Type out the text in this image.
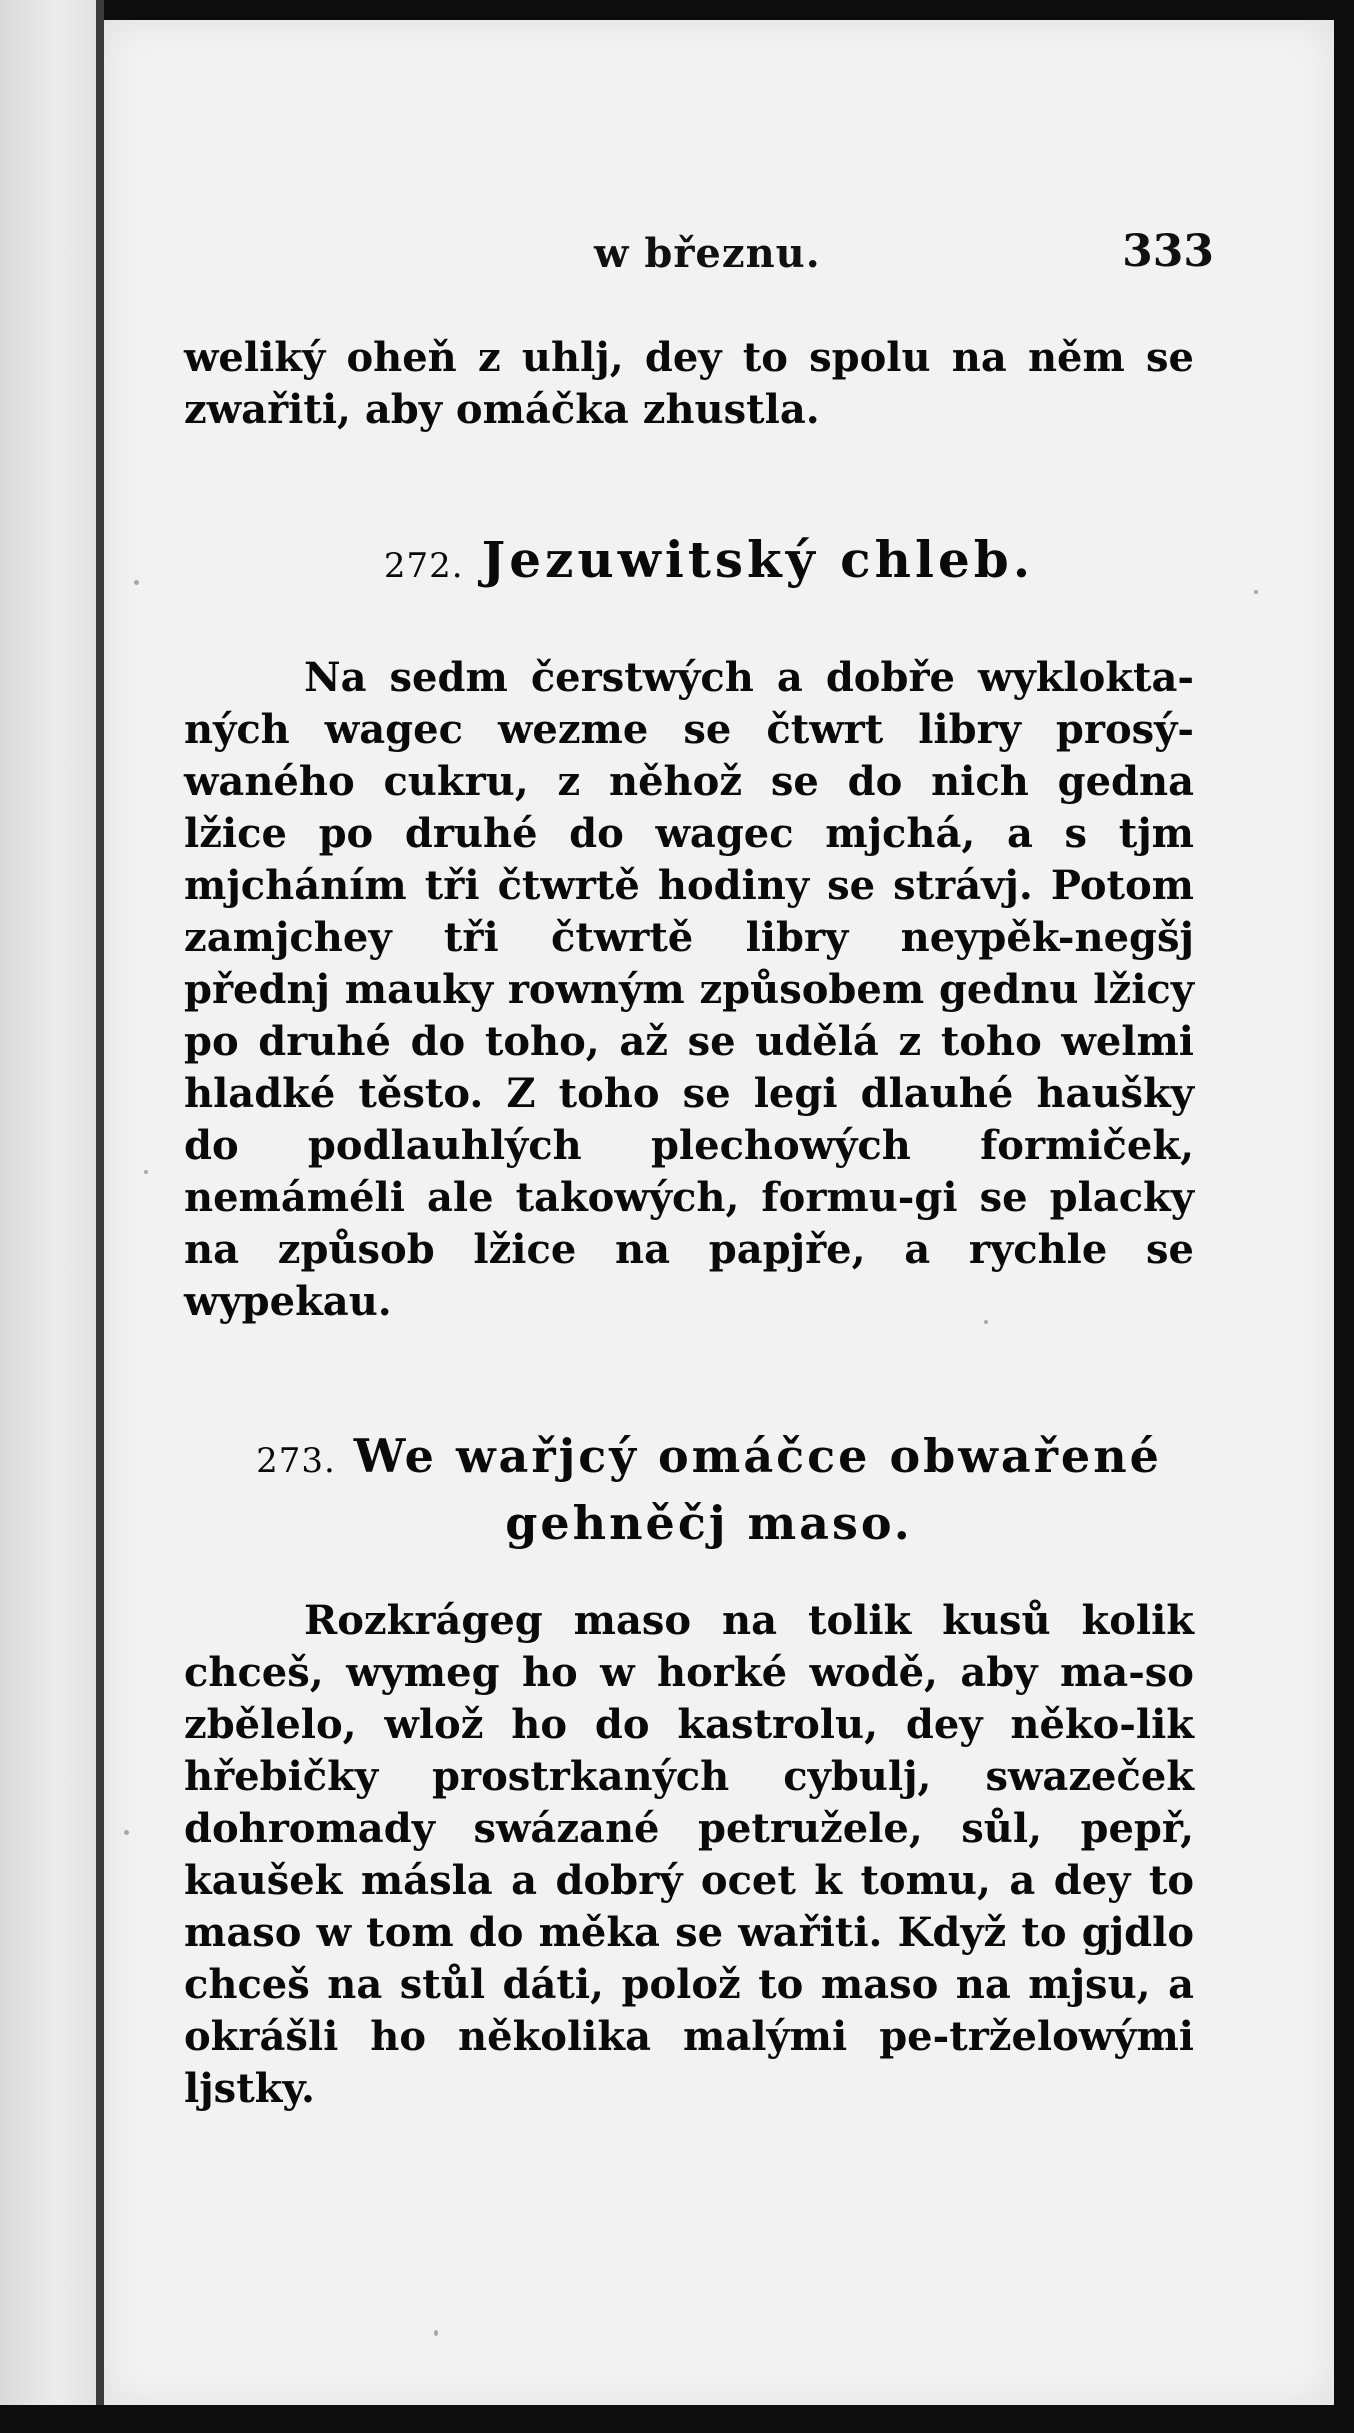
w březnu.	333

weliký oheň z uhlj, dey to spolu na něm se zwařiti, aby omáčka zhustla.

272. Jezuwitský chleb.

Na sedm čerstwých a dobře wyklokta-ných wagec wezme se čtwrt libry prosý-waného cukru, z něhož se do nich gedna lžice po druhé do wagec mjchá, a s tjm mjcháním tři čtwrtě hodiny se strávj. Potom zamjchey tři čtwrtě libry neypěk-negšj přednj mauky rowným způsobem gednu lžicy po druhé do toho, až se udělá z toho welmi hladké těsto. Z toho se legi dlauhé haušky do podlauhlých plechowých formiček, nemáméli ale takowých, formu-gi se placky na způsob lžice na papjře, a rychle se wypekau.

273. We wařjcý omáčce obwařené
gehněčj maso.

Rozkrágeg maso na tolik kusů kolik chceš, wymeg ho w horké wodě, aby ma-so zbělelo, wlož ho do kastrolu, dey něko-lik hřebičky prostrkaných cybulj, swazeček dohromady swázané petružele, sůl, pepř, kaušek másla a dobrý ocet k tomu, a dey to maso w tom do měka se wařiti. Když to gjdlo chceš na stůl dáti, polož to maso na mjsu, a okrášli ho několika malými pe-trželowými ljstky.
